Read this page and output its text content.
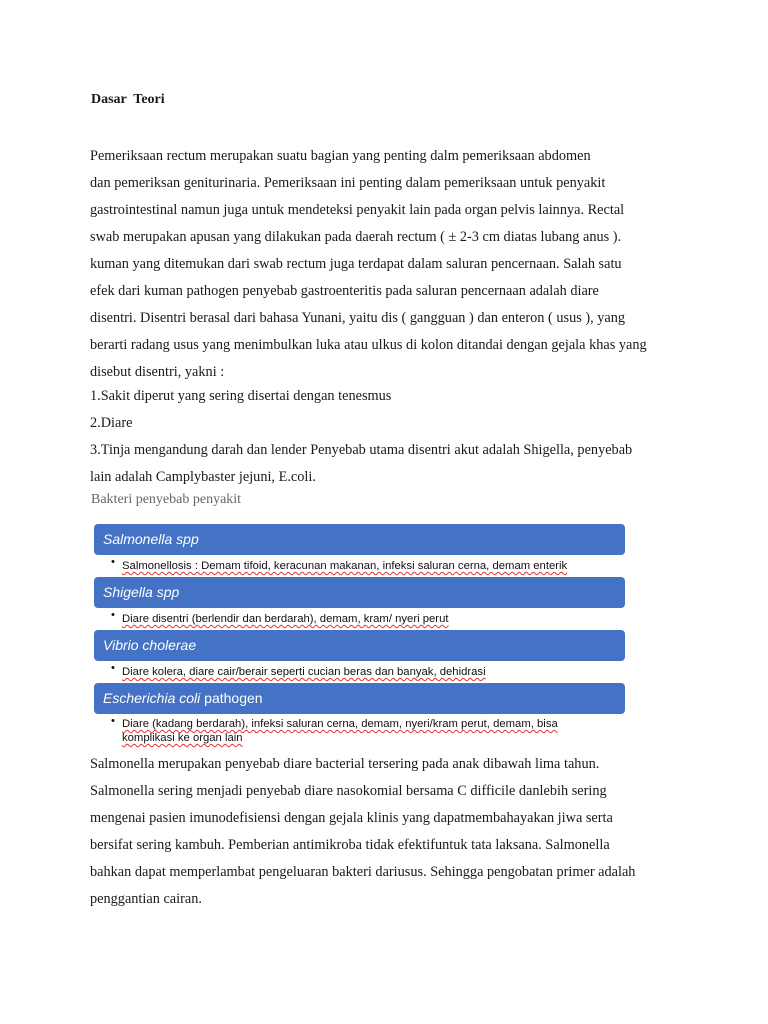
Dasar  Teori
Pemeriksaan rectum merupakan suatu bagian yang penting dalm pemeriksaan abdomen
dan pemeriksan geniturinaria. Pemeriksaan ini penting dalam pemeriksaan untuk penyakit
gastrointestinal namun juga untuk mendeteksi penyakit lain pada organ pelvis lainnya. Rectal
swab merupakan apusan yang dilakukan pada daerah rectum ( ± 2-3 cm diatas lubang anus ).
kuman yang ditemukan dari swab rectum juga terdapat dalam saluran pencernaan. Salah satu
efek dari kuman pathogen penyebab gastroenteritis pada saluran pencernaan adalah diare
disentri. Disentri berasal dari bahasa Yunani, yaitu dis ( gangguan ) dan enteron ( usus ), yang
berarti radang usus yang menimbulkan luka atau ulkus di kolon ditandai dengan gejala khas yang
disebut disentri, yakni :
1.Sakit diperut yang sering disertai dengan tenesmus
2.Diare
3.Tinja mengandung darah dan lender Penyebab utama disentri akut adalah Shigella, penyebab
lain adalah Camplybaster jejuni, E.coli.
Bakteri penyebab penyakit
Salmonella spp
• Salmonellosis : Demam tifoid, keracunan makanan, infeksi saluran cerna, demam enterik
Shigella spp
• Diare disentri (berlendir dan berdarah), demam, kram/ nyeri perut
Vibrio cholerae
• Diare kolera, diare cair/berair seperti cucian beras dan banyak, dehidrasi
Escherichia coli pathogen
• Diare (kadang berdarah), infeksi saluran cerna, demam, nyeri/kram perut, demam, bisa
komplikasi ke organ lain
Salmonella merupakan penyebab diare bacterial tersering pada anak dibawah lima tahun.
Salmonella sering menjadi penyebab diare nasokomial bersama C difficile danlebih sering
mengenai pasien imunodefisiensi dengan gejala klinis yang dapatmembahayakan jiwa serta
bersifat sering kambuh. Pemberian antimikroba tidak efektifuntuk tata laksana. Salmonella
bahkan dapat memperlambat pengeluaran bakteri dariusus. Sehingga pengobatan primer adalah
penggantian cairan.
